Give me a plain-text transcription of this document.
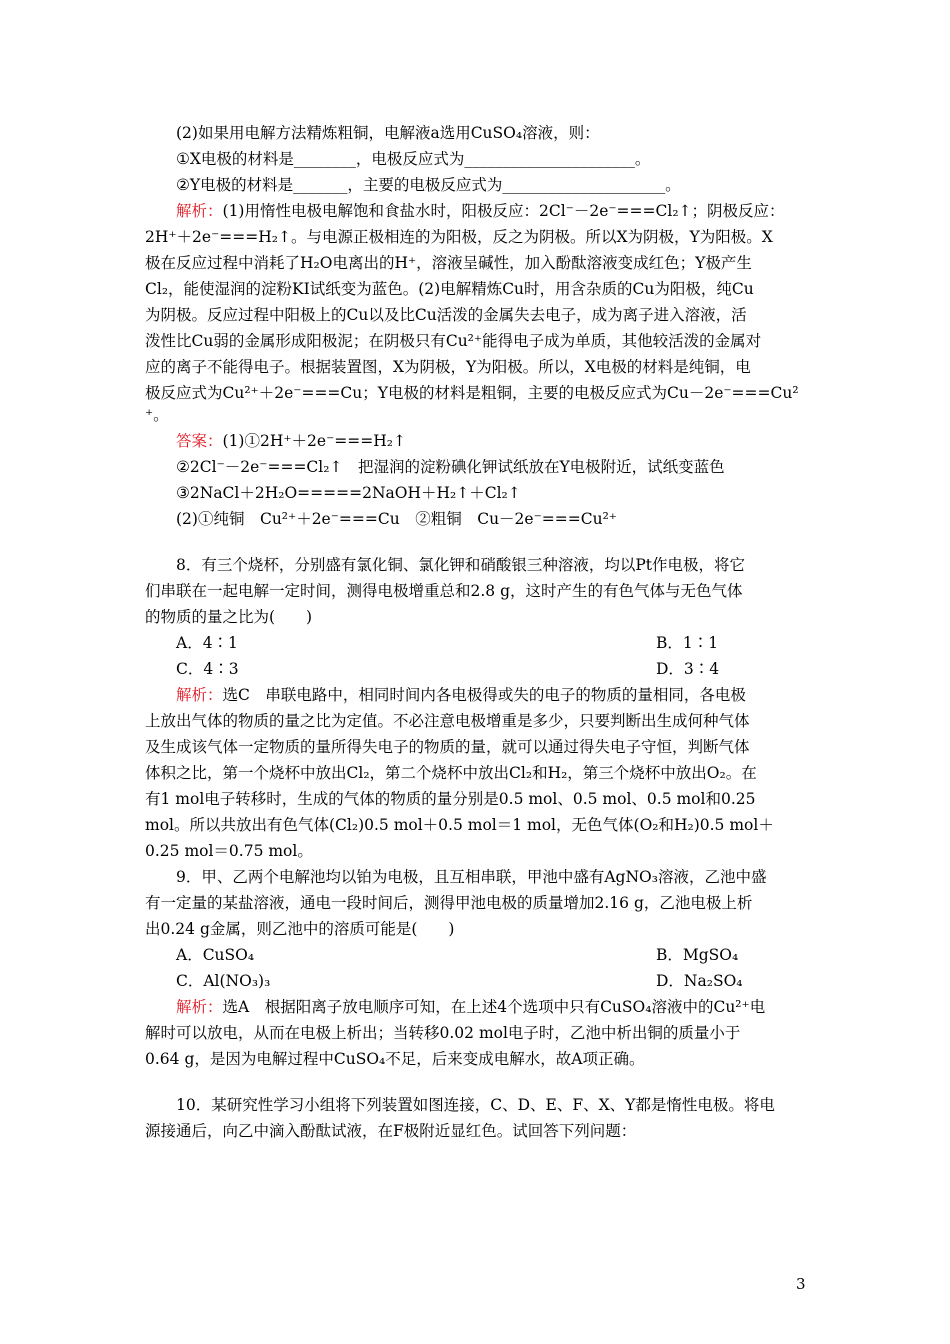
(2)如果用电解方法精炼粗铜，电解液a选用CuSO₄溶液，则：
①X电极的材料是________，电极反应式为______________________。
②Y电极的材料是_______，主要的电极反应式为_____________________。
解析：(1)用惰性电极电解饱和食盐水时，阳极反应：2Cl⁻－2e⁻===Cl₂↑；阴极反应：
2H⁺＋2e⁻===H₂↑。与电源正极相连的为阳极，反之为阴极。所以X为阴极，Y为阳极。X
极在反应过程中消耗了H₂O电离出的H⁺，溶液呈碱性，加入酚酞溶液变成红色；Y极产生
Cl₂，能使湿润的淀粉KI试纸变为蓝色。(2)电解精炼Cu时，用含杂质的Cu为阳极，纯Cu
为阴极。反应过程中阳极上的Cu以及比Cu活泼的金属失去电子，成为离子进入溶液，活
泼性比Cu弱的金属形成阳极泥；在阴极只有Cu²⁺能得电子成为单质，其他较活泼的金属对
应的离子不能得电子。根据装置图，X为阴极，Y为阳极。所以，X电极的材料是纯铜，电
极反应式为Cu²⁺＋2e⁻===Cu；Y电极的材料是粗铜，主要的电极反应式为Cu－2e⁻===Cu²
⁺。
答案：(1)①2H⁺＋2e⁻===H₂↑
②2Cl⁻－2e⁻===Cl₂↑　把湿润的淀粉碘化钾试纸放在Y电极附近，试纸变蓝色
③2NaCl＋2H₂O=====2NaOH＋H₂↑＋Cl₂↑
(2)①纯铜　Cu²⁺＋2e⁻===Cu　②粗铜　Cu－2e⁻===Cu²⁺
8．有三个烧杯，分别盛有氯化铜、氯化钾和硝酸银三种溶液，均以Pt作电极，将它
们串联在一起电解一定时间，测得电极增重总和2.8 g，这时产生的有色气体与无色气体
的物质的量之比为(　　)
A．4∶1	B．1∶1
C．4∶3	D．3∶4
解析：选C　串联电路中，相同时间内各电极得或失的电子的物质的量相同，各电极
上放出气体的物质的量之比为定值。不必注意电极增重是多少，只要判断出生成何种气体
及生成该气体一定物质的量所得失电子的物质的量，就可以通过得失电子守恒，判断气体
体积之比，第一个烧杯中放出Cl₂，第二个烧杯中放出Cl₂和H₂，第三个烧杯中放出O₂。在
有1 mol电子转移时，生成的气体的物质的量分别是0.5 mol、0.5 mol、0.5 mol和0.25
mol。所以共放出有色气体(Cl₂)0.5 mol＋0.5 mol＝1 mol，无色气体(O₂和H₂)0.5 mol＋
0.25 mol＝0.75 mol。
9．甲、乙两个电解池均以铂为电极，且互相串联，甲池中盛有AgNO₃溶液，乙池中盛
有一定量的某盐溶液，通电一段时间后，测得甲池电极的质量增加2.16 g，乙池电极上析
出0.24 g金属，则乙池中的溶质可能是(　　)
A．CuSO₄	B．MgSO₄
C．Al(NO₃)₃	D．Na₂SO₄
解析：选A　根据阳离子放电顺序可知，在上述4个选项中只有CuSO₄溶液中的Cu²⁺电
解时可以放电，从而在电极上析出；当转移0.02 mol电子时，乙池中析出铜的质量小于
0.64 g，是因为电解过程中CuSO₄不足，后来变成电解水，故A项正确。
10．某研究性学习小组将下列装置如图连接，C、D、E、F、X、Y都是惰性电极。将电
源接通后，向乙中滴入酚酞试液，在F极附近显红色。试回答下列问题：
3
